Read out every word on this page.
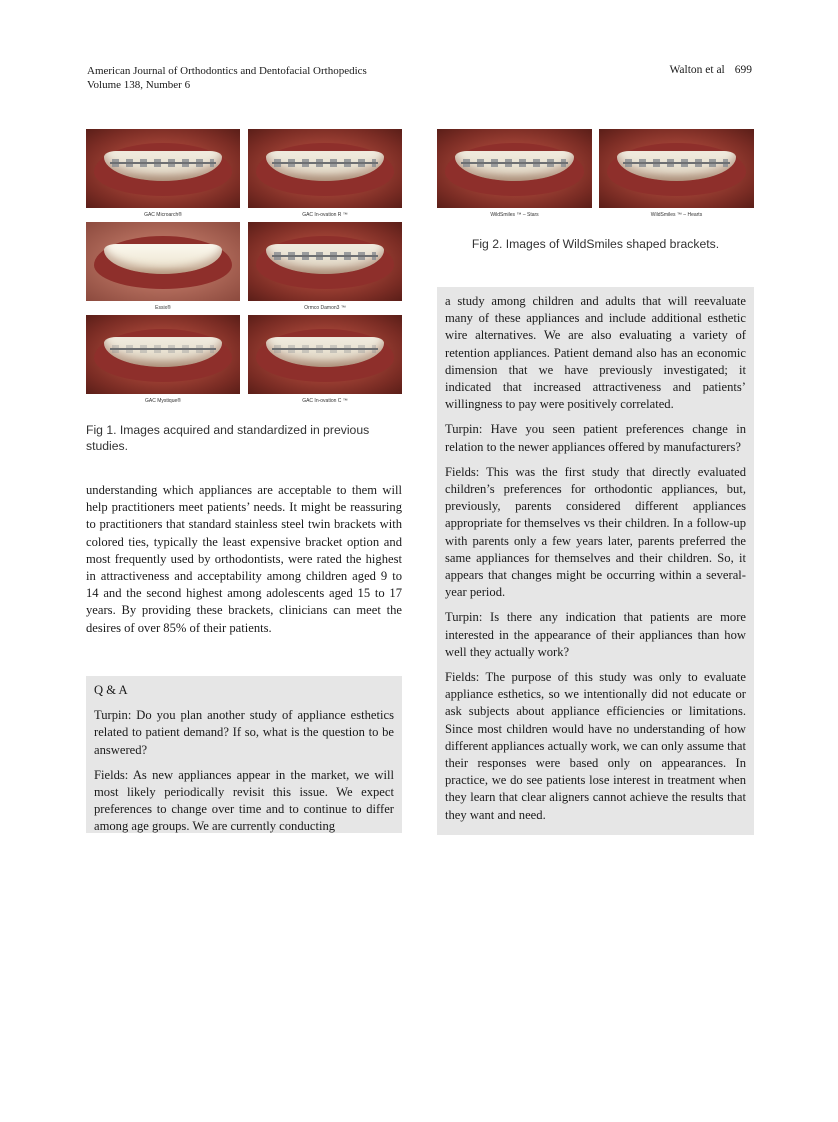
American Journal of Orthodontics and Dentofacial Orthopedics
Volume 138, Number 6
Walton et al 699
GAC Microarch®	GAC In-ovation R ™
Essix®	Ormco Damon3 ™
GAC Mystique®	GAC In-ovation C ™
Fig 1. Images acquired and standardized in previous studies.
understanding which appliances are acceptable to them will help practitioners meet patients’ needs. It might be reassuring to practitioners that standard stainless steel twin brackets with colored ties, typically the least expensive bracket option and most frequently used by orthodontists, were rated the highest in attractiveness and acceptability among children aged 9 to 14 and the second highest among adolescents aged 15 to 17 years. By providing these brackets, clinicians can meet the desires of over 85% of their patients.

Q & A

Turpin: Do you plan another study of appliance esthetics related to patient demand? If so, what is the question to be answered?

Fields: As new appliances appear in the market, we will most likely periodically revisit this issue. We expect preferences to change over time and to continue to differ among age groups. We are currently conducting

WildSmiles ™ – Stars	WildSmiles ™ – Hearts
Fig 2. Images of WildSmiles shaped brackets.

a study among children and adults that will reevaluate many of these appliances and include additional esthetic wire alternatives. We are also evaluating a variety of retention appliances. Patient demand also has an economic dimension that we have previously investigated; it indicated that increased attractiveness and patients’ willingness to pay were positively correlated.

Turpin: Have you seen patient preferences change in relation to the newer appliances offered by manufacturers?

Fields: This was the first study that directly evaluated children’s preferences for orthodontic appliances, but, previously, parents considered different appliances appropriate for themselves vs their children. In a follow-up with parents only a few years later, parents preferred the same appliances for themselves and their children. So, it appears that changes might be occurring within a several-year period.

Turpin: Is there any indication that patients are more interested in the appearance of their appliances than how well they actually work?

Fields: The purpose of this study was only to evaluate appliance esthetics, so we intentionally did not educate or ask subjects about appliance efficiencies or limitations. Since most children would have no understanding of how different appliances actually work, we can only assume that their responses were based only on appearances. In practice, we do see patients lose interest in treatment when they learn that clear aligners cannot achieve the results that they want and need.
